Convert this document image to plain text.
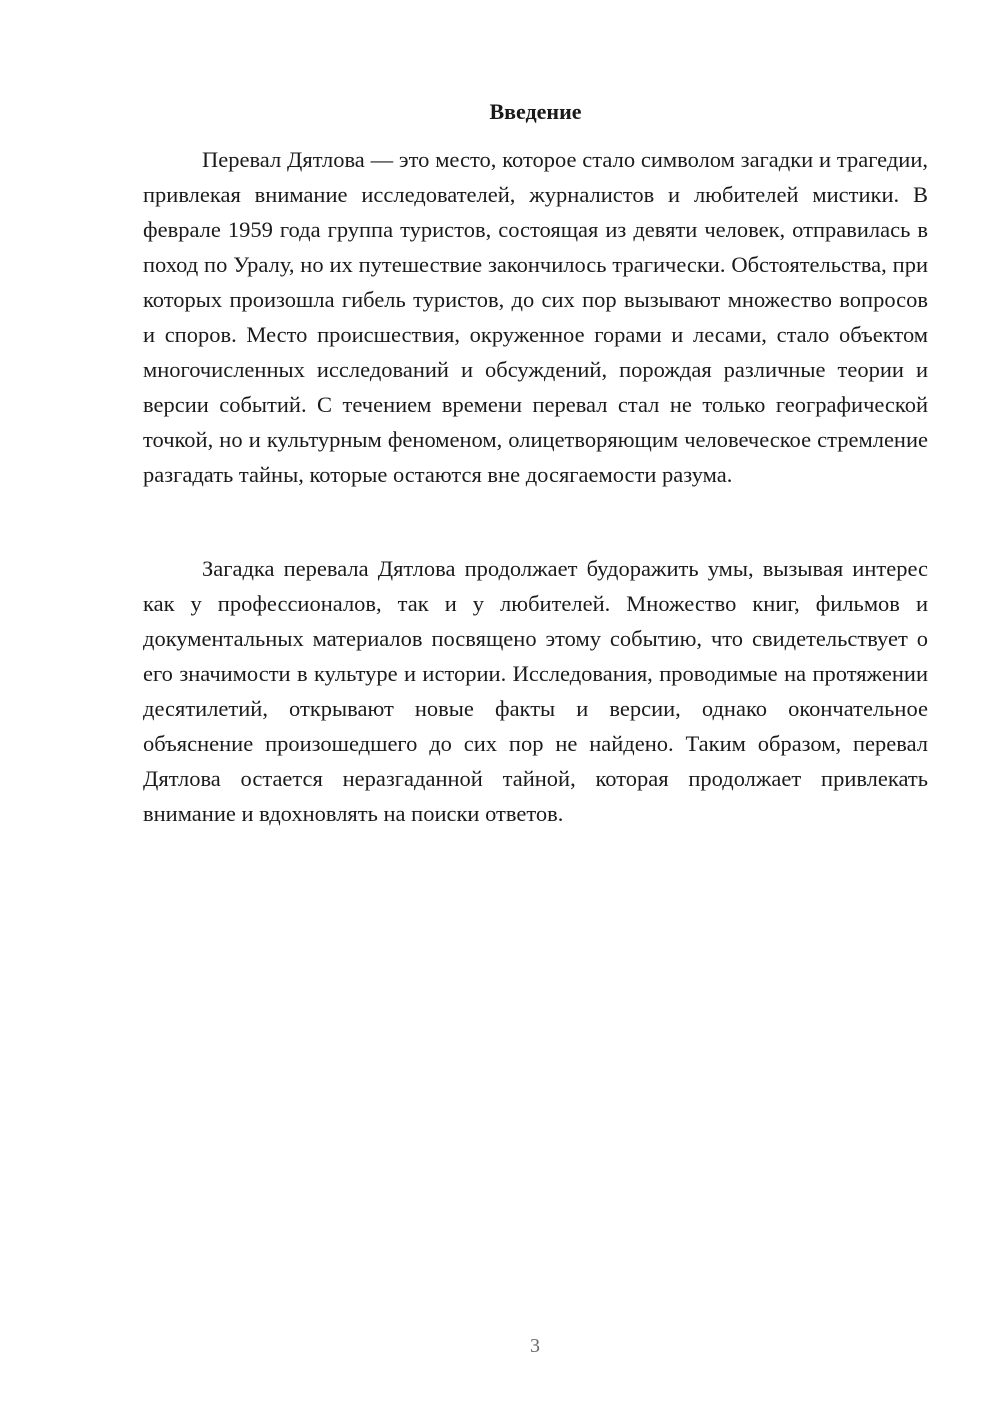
Введение

Перевал Дятлова — это место, которое стало символом загадки и трагедии, привлекая внимание исследователей, журналистов и любителей мистики. В феврале 1959 года группа туристов, состоящая из девяти человек, отправилась в поход по Уралу, но их путешествие закончилось трагически. Обстоятельства, при которых произошла гибель туристов, до сих пор вызывают множество вопросов и споров. Место происшествия, окруженное горами и лесами, стало объектом многочисленных исследований и обсуждений, порождая различные теории и версии событий. С течением времени перевал стал не только географической точкой, но и культурным феноменом, олицетворяющим человеческое стремление разгадать тайны, которые остаются вне досягаемости разума.

Загадка перевала Дятлова продолжает будоражить умы, вызывая интерес как у профессионалов, так и у любителей. Множество книг, фильмов и документальных материалов посвящено этому событию, что свидетельствует о его значимости в культуре и истории. Исследования, проводимые на протяжении десятилетий, открывают новые факты и версии, однако окончательное объяснение произошедшего до сих пор не найдено. Таким образом, перевал Дятлова остается неразгаданной тайной, которая продолжает привлекать внимание и вдохновлять на поиски ответов.

3
